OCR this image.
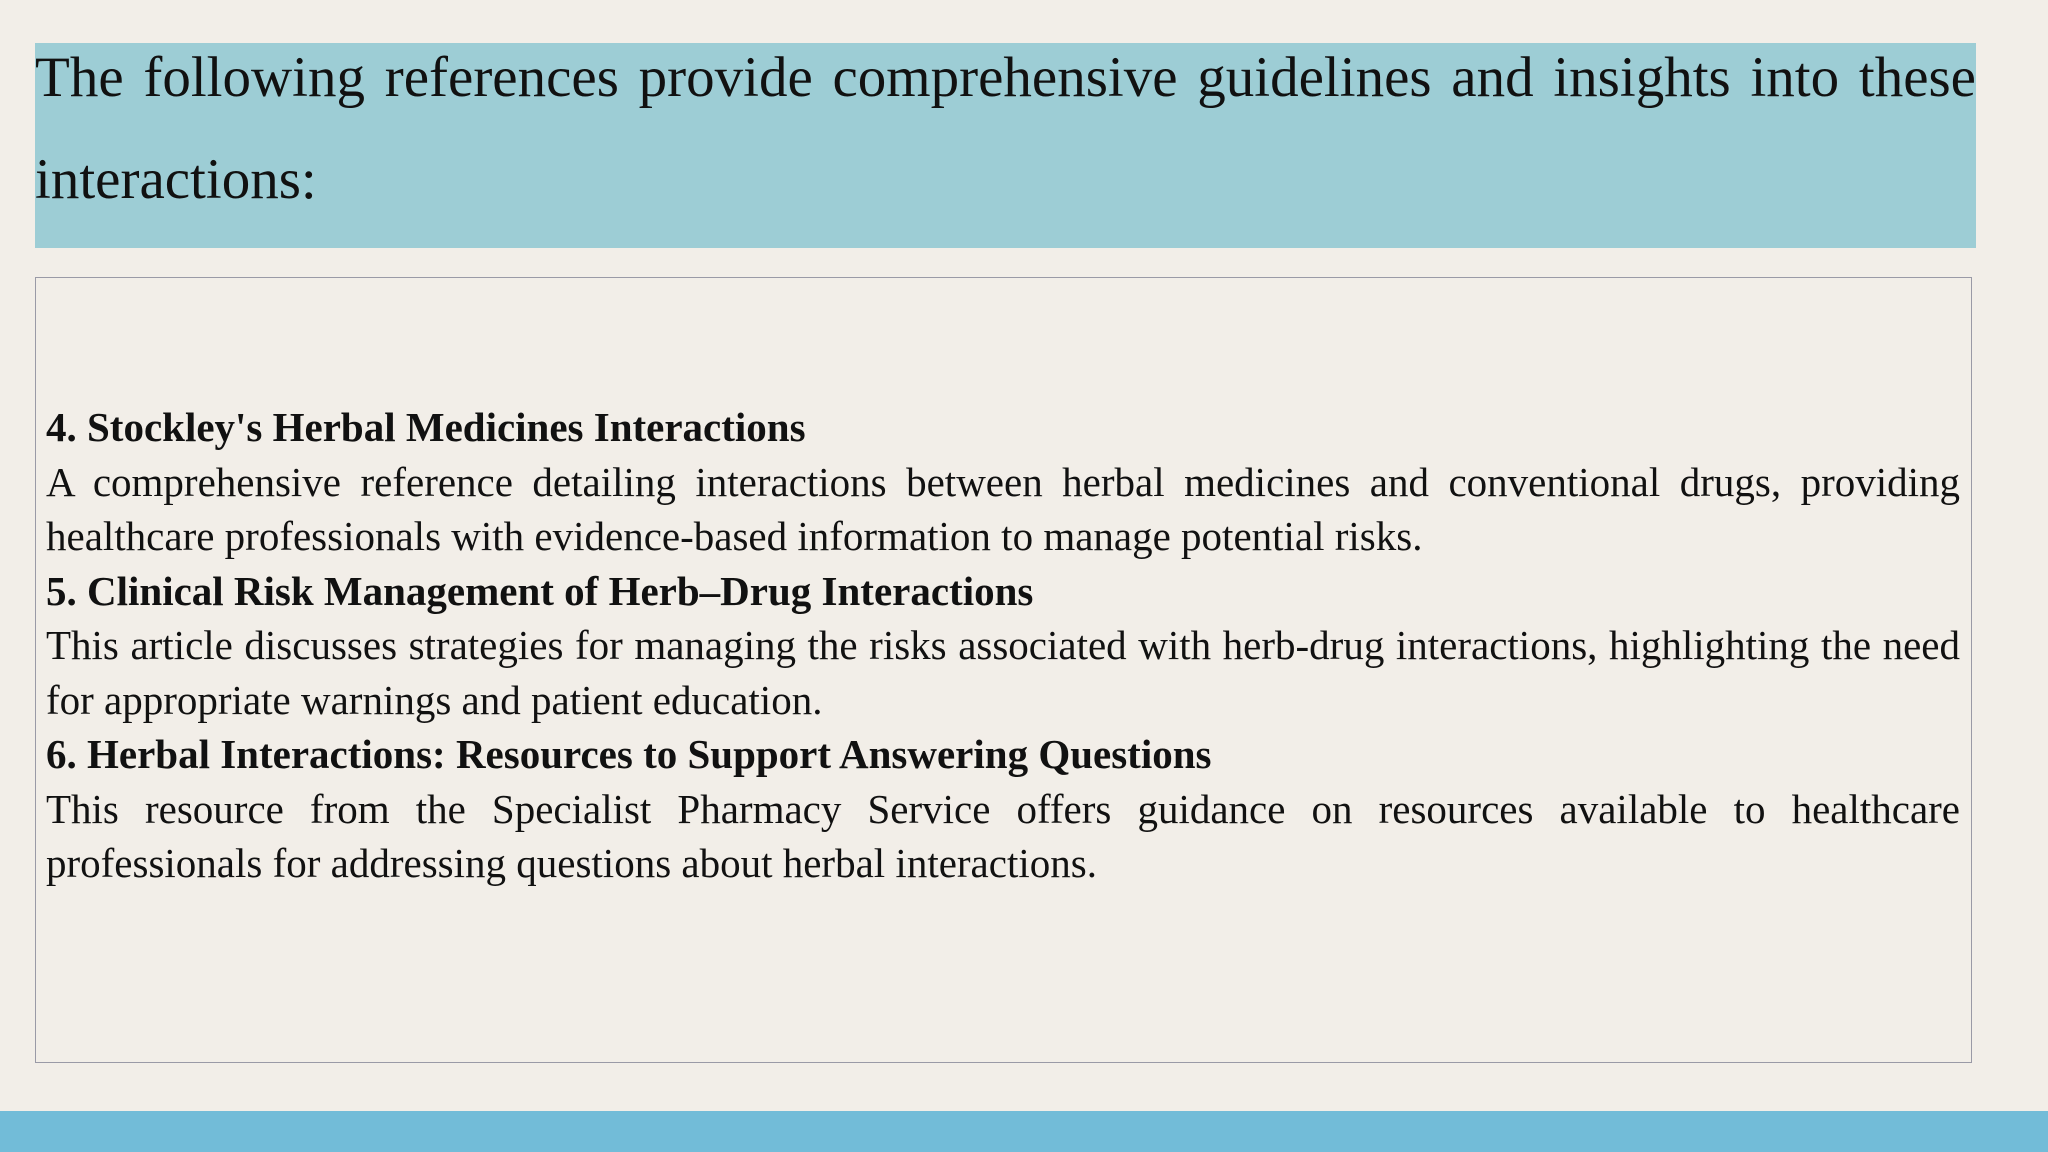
The following references provide comprehensive guidelines and insights into these interactions:

4. Stockley's Herbal Medicines Interactions

A comprehensive reference detailing interactions between herbal medicines and conventional drugs, providing healthcare professionals with evidence-based information to manage potential risks.

5. Clinical Risk Management of Herb–Drug Interactions

This article discusses strategies for managing the risks associated with herb-drug interactions, highlighting the need for appropriate warnings and patient education.

6. Herbal Interactions: Resources to Support Answering Questions

This resource from the Specialist Pharmacy Service offers guidance on resources available to healthcare professionals for addressing questions about herbal interactions.
